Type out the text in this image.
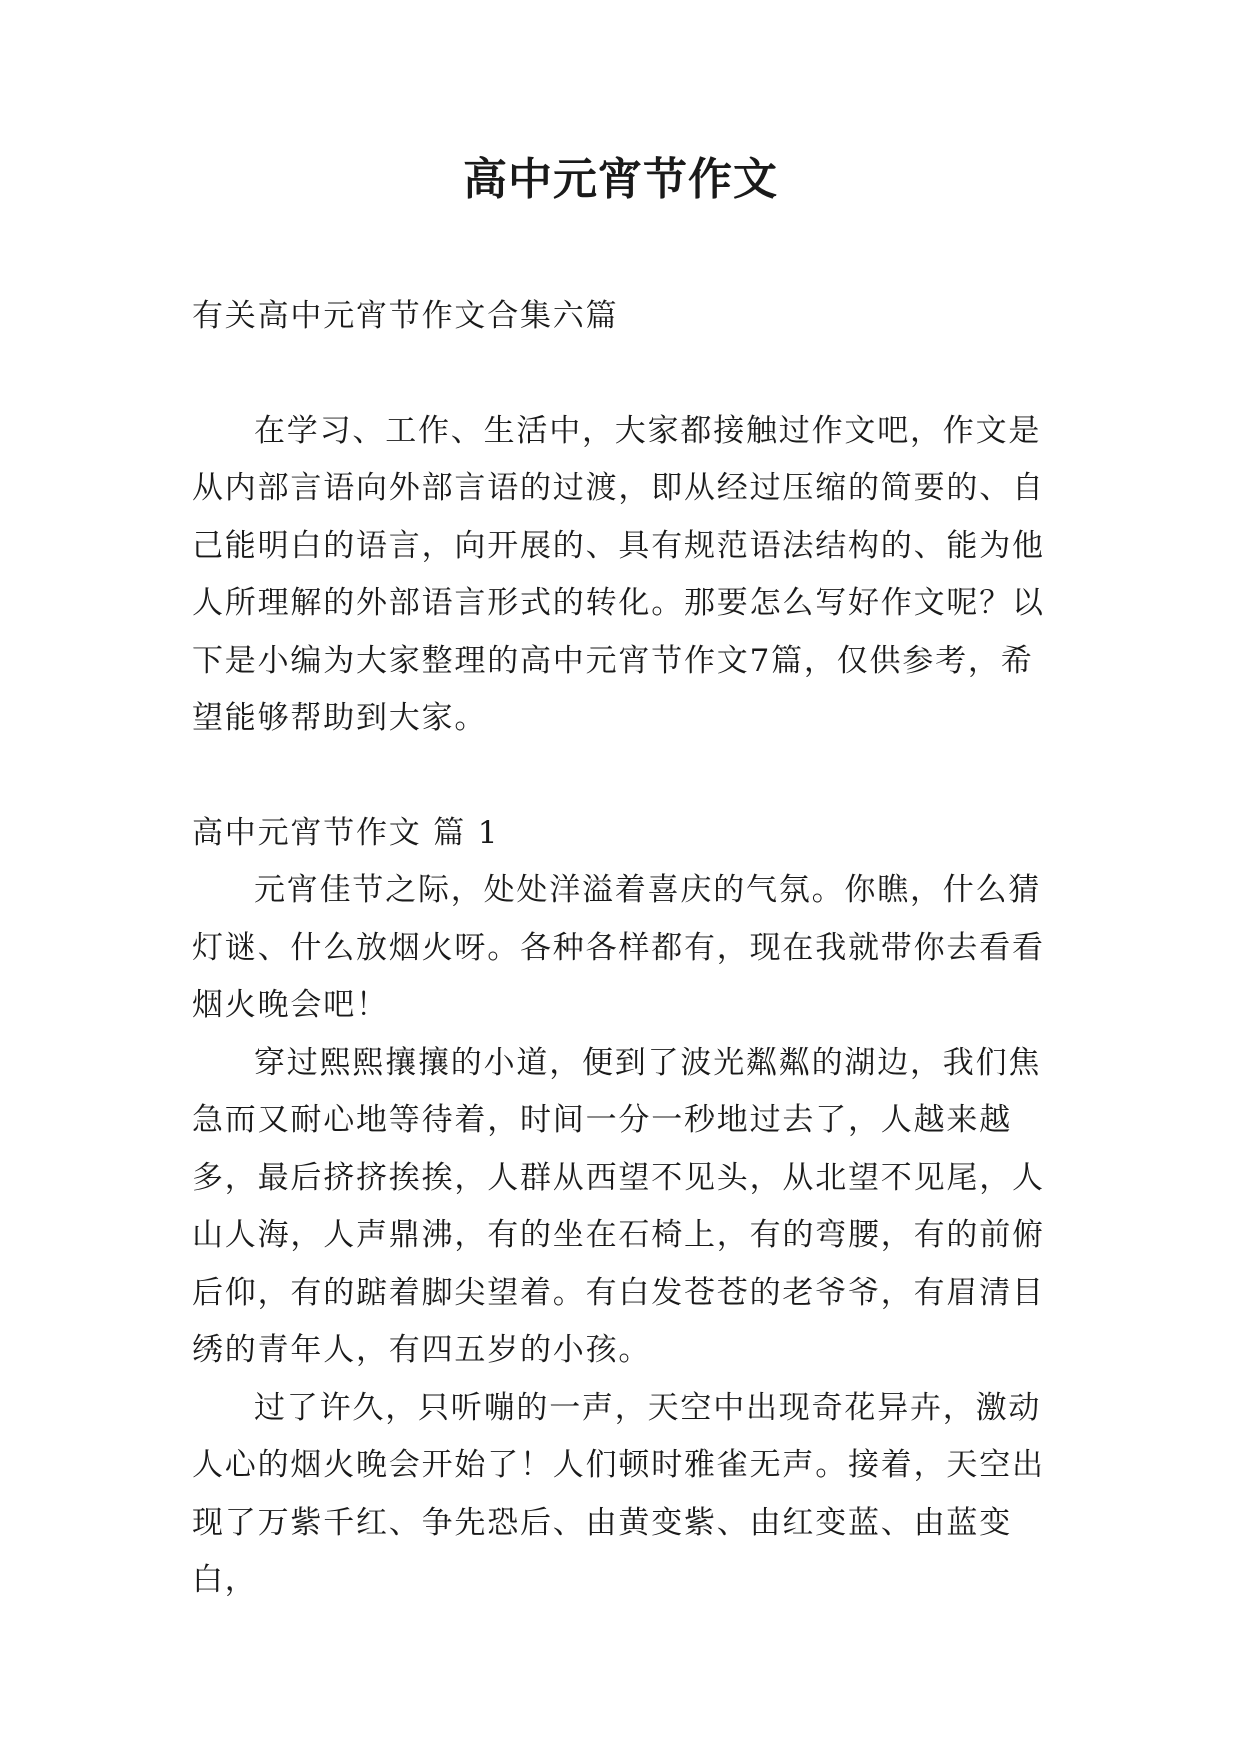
高中元宵节作文

有关高中元宵节作文合集六篇

在学习、工作、生活中，大家都接触过作文吧，作文是从内部言语向外部言语的过渡，即从经过压缩的简要的、自己能明白的语言，向开展的、具有规范语法结构的、能为他人所理解的外部语言形式的转化。那要怎么写好作文呢？以下是小编为大家整理的高中元宵节作文7篇，仅供参考，希望能够帮助到大家。

高中元宵节作文 篇 1

元宵佳节之际，处处洋溢着喜庆的气氛。你瞧，什么猜灯谜、什么放烟火呀。各种各样都有，现在我就带你去看看烟火晚会吧！

穿过熙熙攘攘的小道，便到了波光粼粼的湖边，我们焦急而又耐心地等待着，时间一分一秒地过去了，人越来越多，最后挤挤挨挨，人群从西望不见头，从北望不见尾，人山人海，人声鼎沸，有的坐在石椅上，有的弯腰，有的前俯后仰，有的踮着脚尖望着。有白发苍苍的老爷爷，有眉清目绣的青年人，有四五岁的小孩。

过了许久，只听嘣的一声，天空中出现奇花异卉，激动人心的烟火晚会开始了！人们顿时雅雀无声。接着，天空出现了万紫千红、争先恐后、由黄变紫、由红变蓝、由蓝变白，
